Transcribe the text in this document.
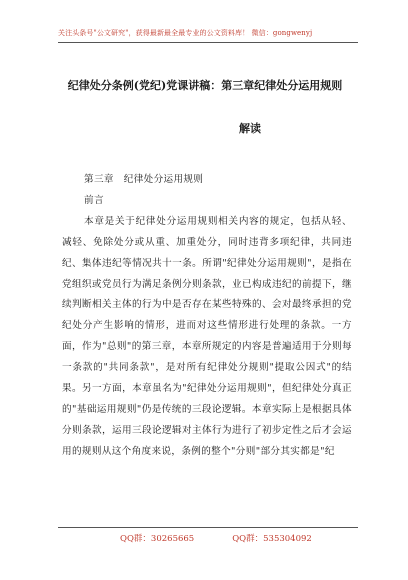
关注头条号"公文研究"，获得最新最全最专业的公文资料库！ 微信：gongwenyj
纪律处分条例(党纪)党课讲稿：第三章纪律处分运用规则
解读

第三章　纪律处分运用规则

前言

本章是关于纪律处分运用规则相关内容的规定，包括从轻、减轻、免除处分或从重、加重处分，同时违背多项纪律，共同违纪、集体违纪等情况共十一条。所谓"纪律处分运用规则"，是指在党组织或党员行为满足条例分则条款，业已构成违纪的前提下，继续判断相关主体的行为中是否存在某些特殊的、会对最终承担的党纪处分产生影响的情形，进而对这些情形进行处理的条款。一方面，作为"总则"的第三章，本章所规定的内容是普遍适用于分则每一条款的"共同条款"，是对所有纪律处分规则"提取公因式"的结果。另一方面，本章虽名为"纪律处分运用规则"，但纪律处分真正的"基础运用规则"仍是传统的三段论逻辑。本章实际上是根据具体分则条款，运用三段论逻辑对主体行为进行了初步定性之后才会运用的规则从这个角度来说，条例的整个"分则"部分其实都是"纪

QQ群：30265665	QQ群：535304092
